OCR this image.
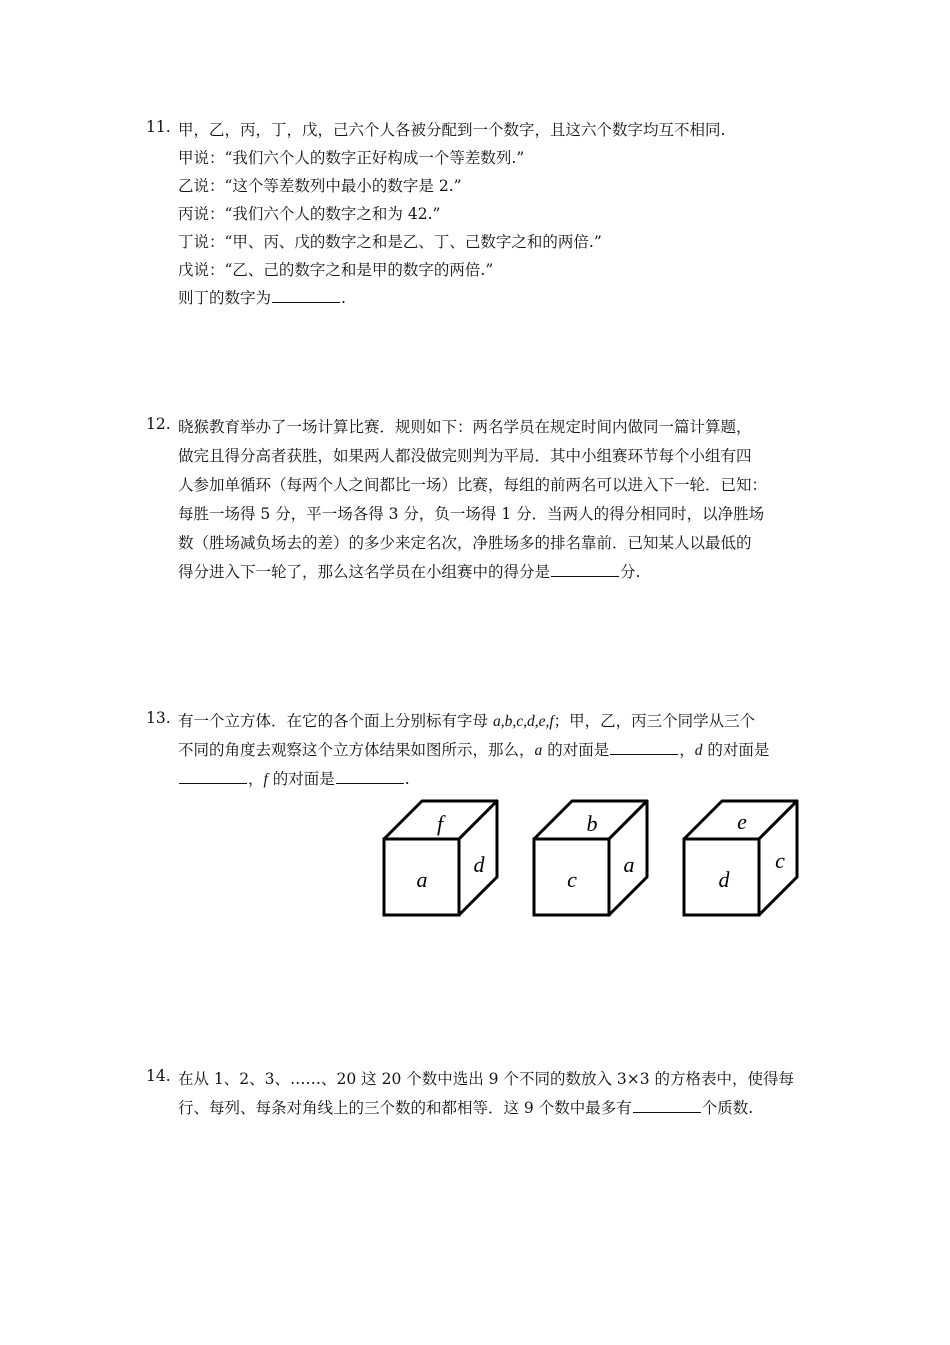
11. 甲，乙，丙，丁，戊，己六个人各被分配到一个数字，且这六个数字均互不相同.
甲说：“我们六个人的数字正好构成一个等差数列.”
乙说：“这个等差数列中最小的数字是 2.”
丙说：“我们六个人的数字之和为 42.”
丁说：“甲、丙、戊的数字之和是乙、丁、己数字之和的两倍.”
戊说：“乙、己的数字之和是甲的数字的两倍.”
则丁的数字为	.
12. 晓猴教育举办了一场计算比赛．规则如下：两名学员在规定时间内做同一篇计算题，
做完且得分高者获胜，如果两人都没做完则判为平局．其中小组赛环节每个小组有四
人参加单循环（每两个人之间都比一场）比赛，每组的前两名可以进入下一轮．已知：
每胜一场得 5 分，平一场各得 3 分，负一场得 1 分．当两人的得分相同时，以净胜场
数（胜场减负场去的差）的多少来定名次，净胜场多的排名靠前．已知某人以最低的
得分进入下一轮了，那么这名学员在小组赛中的得分是	分.
13. 有一个立方体．在它的各个面上分别标有字母 a,b,c,d,e,f；甲，乙，丙三个同学从三个
不同的角度去观察这个立方体结果如图所示，那么，a 的对面是	，d 的对面是
，f 的对面是	.
f
a
d
b
c
a
e
d
c
14. 在从 1、2、3、……、20 这 20 个数中选出 9 个不同的数放入 3×3 的方格表中，使得每
行、每列、每条对角线上的三个数的和都相等．这 9 个数中最多有	个质数.
